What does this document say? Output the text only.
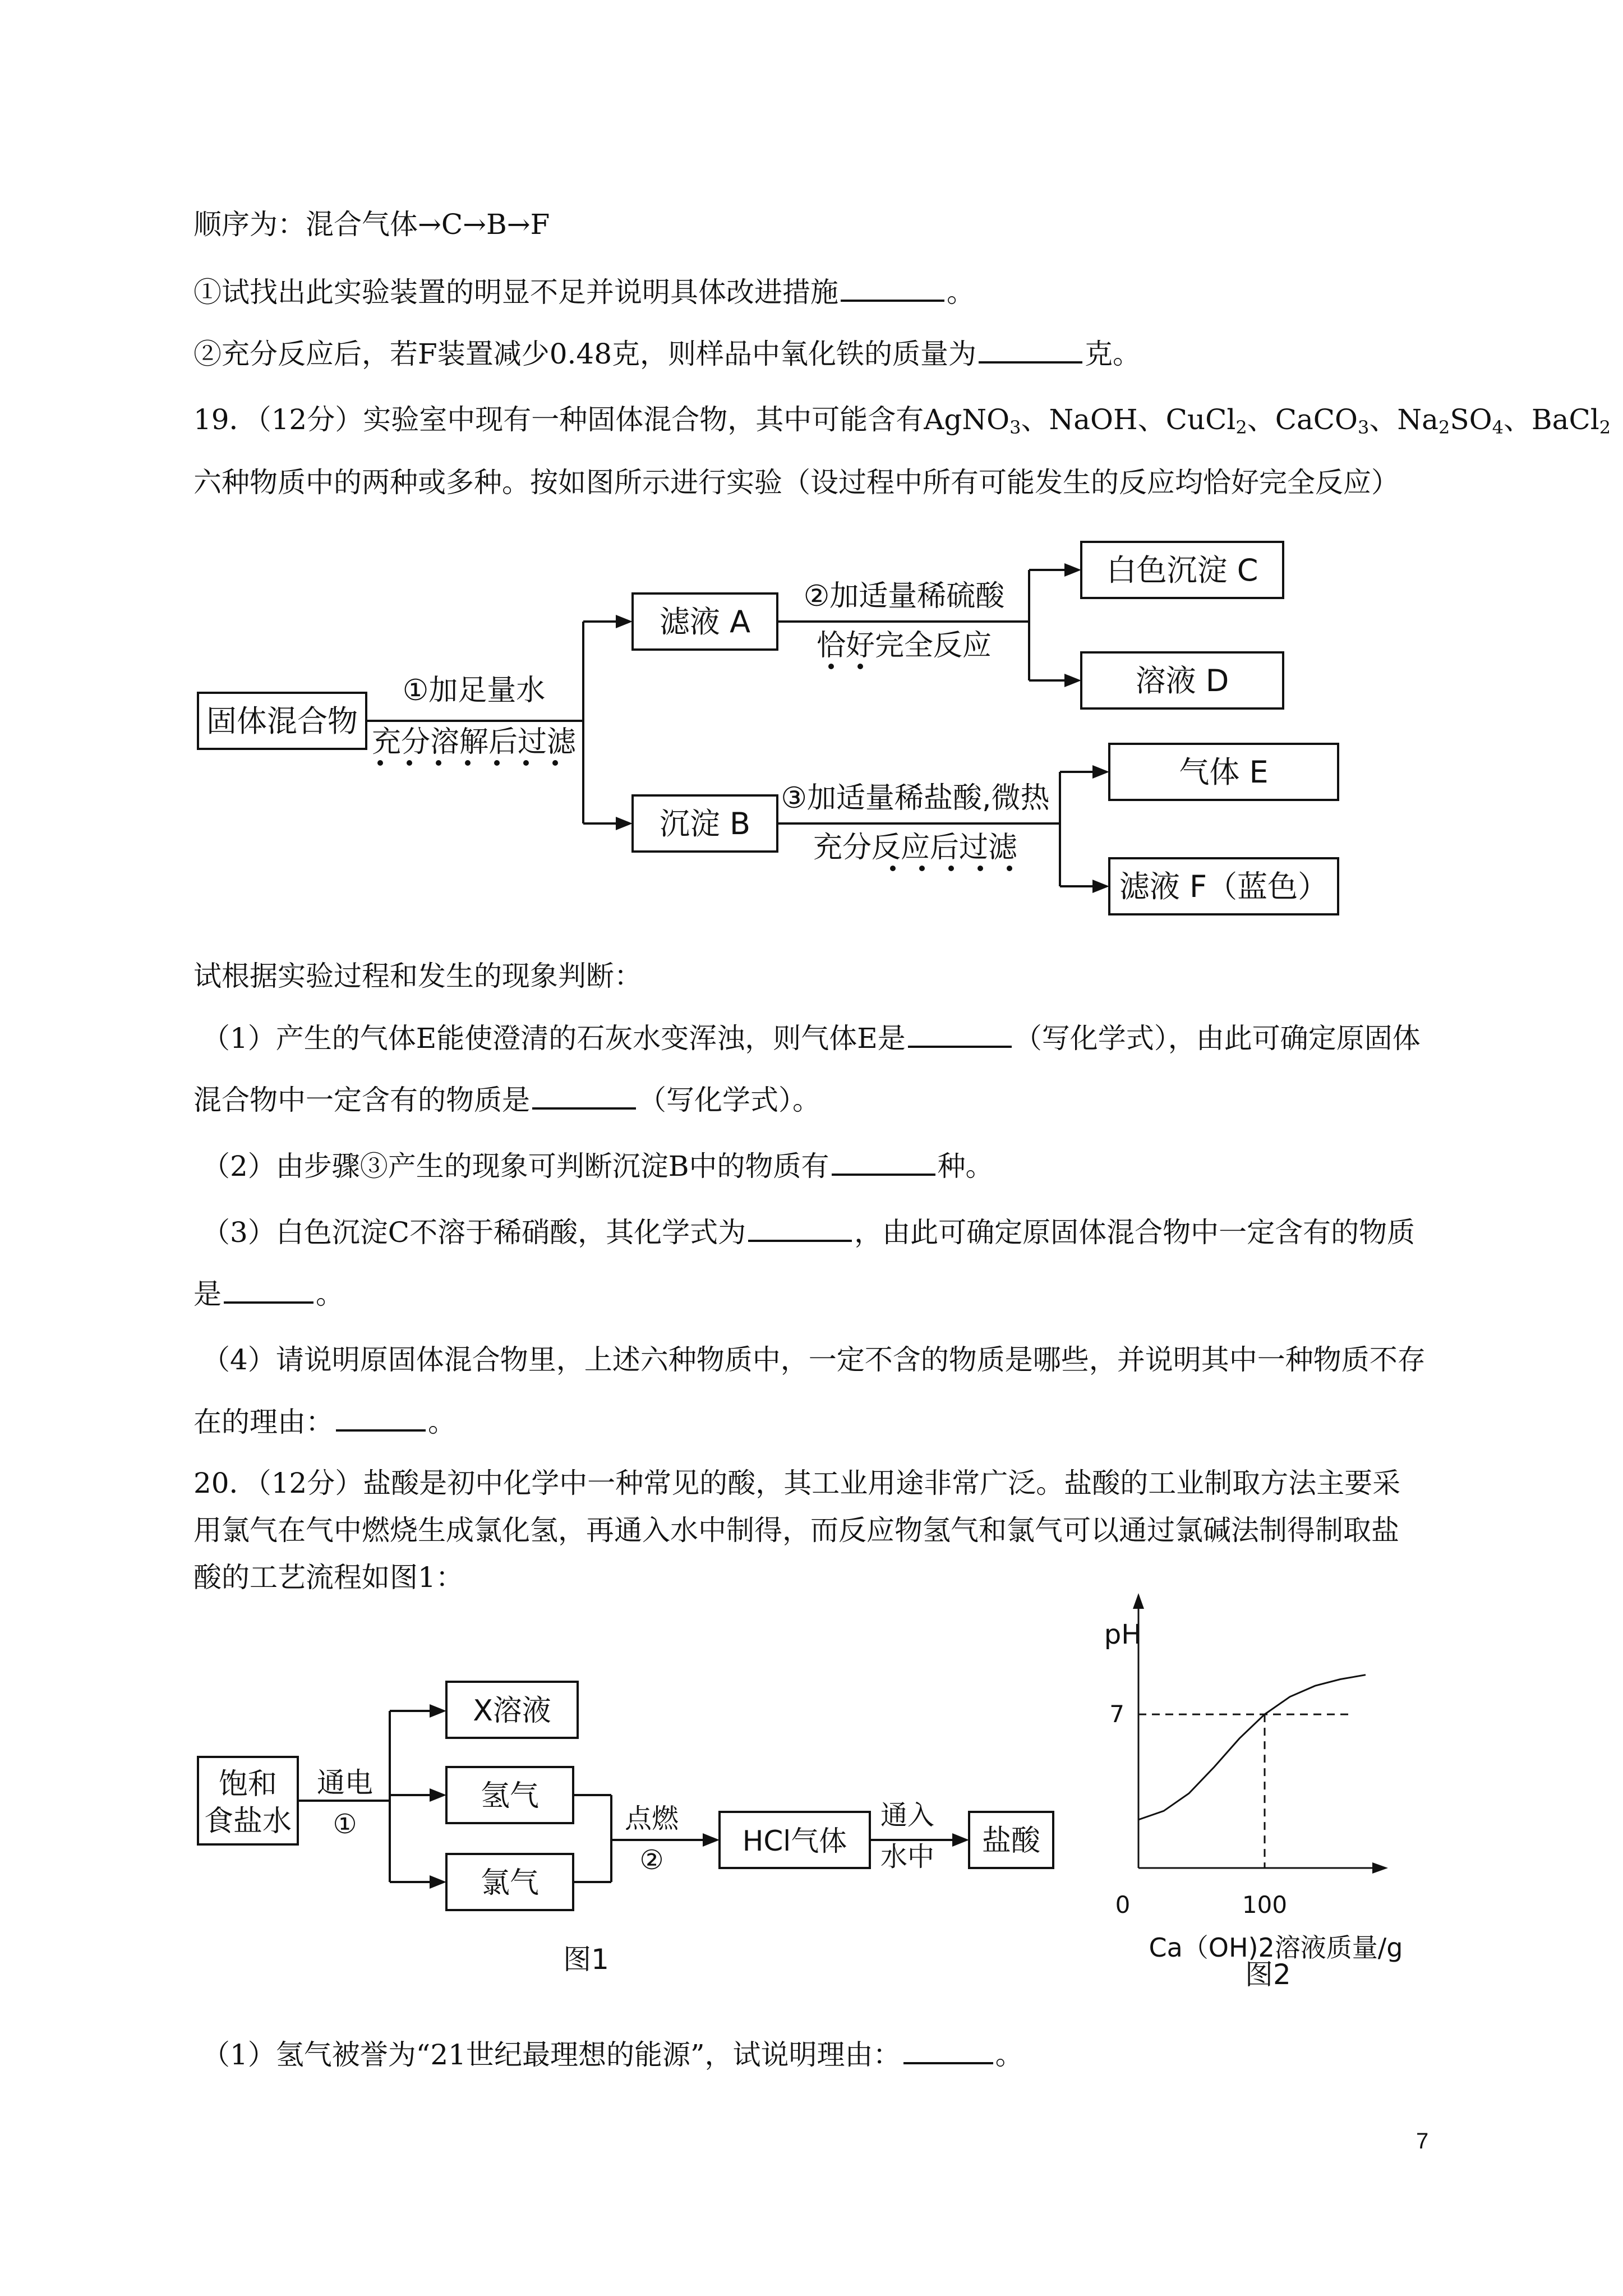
顺序为：混合气体→C→B→F
①试找出此实验装置的明显不足并说明具体改进措施	。
②充分反应后，若F装置减少0.48克，则样品中氧化铁的质量为	克。
19．（12分）实验室中现有一种固体混合物，其中可能含有AgNO$_3$、NaOH、CuCl$_2$、CaCO$_3$、$Na_2SO_4$、BaCl$_2$
六种物质中的两种或多种。按如图所示进行实验（设过程中所有可能发生的反应均恰好完全反应）
固体混合物
滤液 A
沉淀 B
白色沉淀 C
溶液 D
气体 E
滤液 F（蓝色）
①加足量水
充分溶解后过滤
②加适量稀硫酸
恰好完全反应
③加适量稀盐酸,微热
充分反应后过滤
试根据实验过程和发生的现象判断：
（1）产生的气体E能使澄清的石灰水变浑浊，则气体E是	（写化学式），由此可确定原固体
混合物中一定含有的物质是	（写化学式）。
（2）由步骤③产生的现象可判断沉淀B中的物质有	种。
（3）白色沉淀C不溶于稀硝酸，其化学式为	，由此可确定原固体混合物中一定含有的物质
是	。
（4）请说明原固体混合物里，上述六种物质中，一定不含的物质是哪些，并说明其中一种物质不存
在的理由：	。
20．（12分）盐酸是初中化学中一种常见的酸，其工业用途非常广泛。盐酸的工业制取方法主要采
用氯气在气中燃烧生成氯化氢，再通入水中制得，而反应物氢气和氯气可以通过氯碱法制得制取盐
酸的工艺流程如图1：
饱和
食盐水
通电
①
X溶液
氢气
氯气
点燃
②
HCl气体
通入
水中 盐酸
图1
pH
0
7
100
Ca（OH)2溶液质量/g
图2
（1）氢气被誉为“21世纪最理想的能源”，试说明理由：	。
7
